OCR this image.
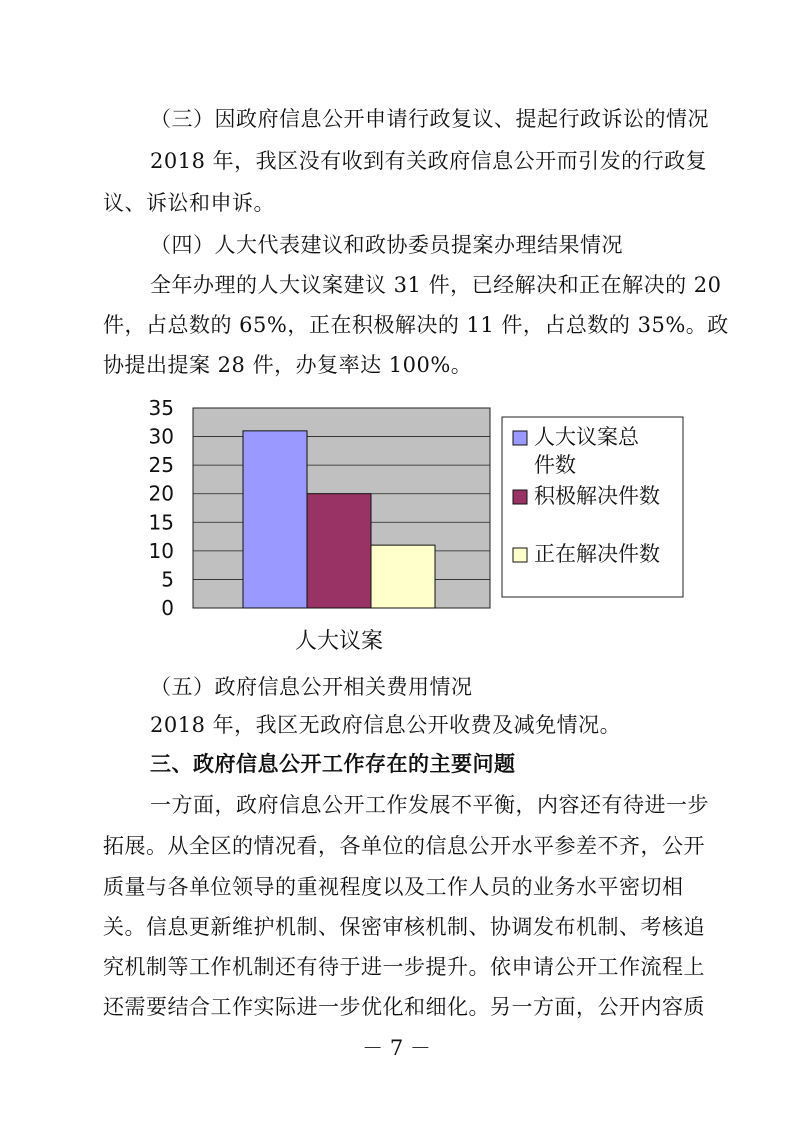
（三）因政府信息公开申请行政复议、提起行政诉讼的情况
2018 年，我区没有收到有关政府信息公开而引发的行政复
议、诉讼和申诉。
（四）人大代表建议和政协委员提案办理结果情况
全年办理的人大议案建议 31 件，已经解决和正在解决的 20
件，占总数的 65%，正在积极解决的 11 件，占总数的 35%。政
协提出提案 28 件，办复率达 100%。
35
30
25
20
15
10
5
0
人大议案
人大议案总件数
积极解决件数
正在解决件数
（五）政府信息公开相关费用情况
2018 年，我区无政府信息公开收费及减免情况。
三、政府信息公开工作存在的主要问题
一方面，政府信息公开工作发展不平衡，内容还有待进一步
拓展。从全区的情况看，各单位的信息公开水平参差不齐，公开
质量与各单位领导的重视程度以及工作人员的业务水平密切相
关。信息更新维护机制、保密审核机制、协调发布机制、考核追
究机制等工作机制还有待于进一步提升。依申请公开工作流程上
还需要结合工作实际进一步优化和细化。另一方面，公开内容质
－ 7 －
